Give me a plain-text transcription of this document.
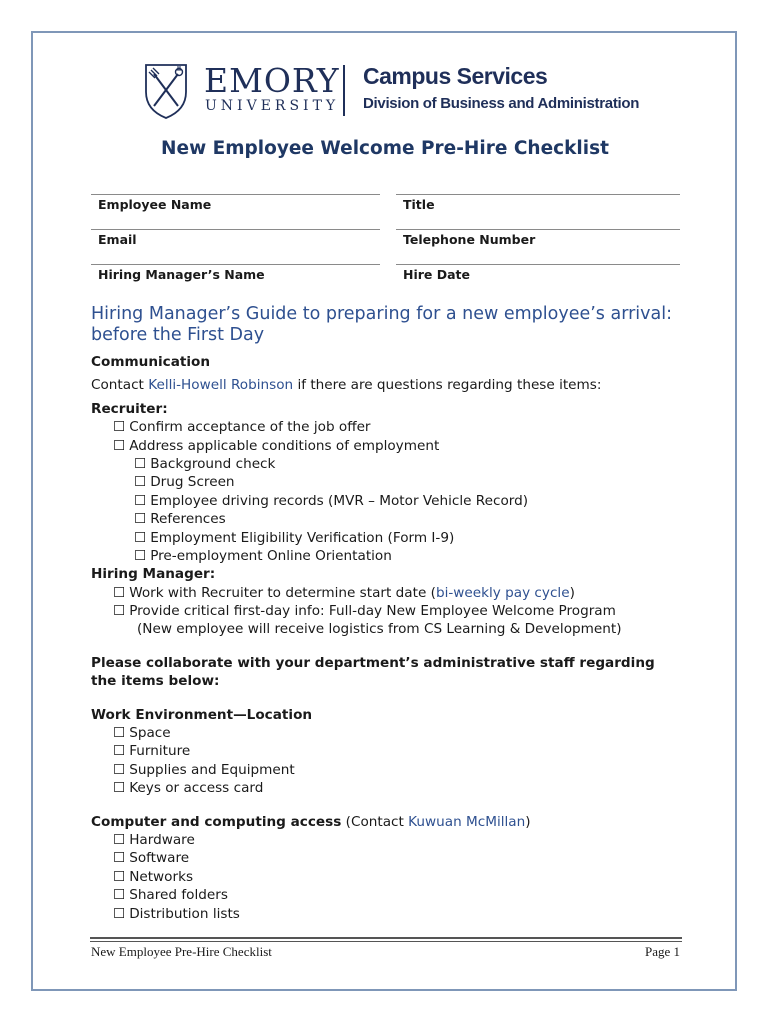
EMORY
UNIVERSITY
Campus Services
Division of Business and Administration
New Employee Welcome Pre-Hire Checklist
Employee Name	Title
Email	Telephone Number
Hiring Manager’s Name	Hire Date
Hiring Manager’s Guide to preparing for a new employee’s arrival: before the First Day
Communication
Contact Kelli-Howell Robinson if there are questions regarding these items:
Recruiter:
☐ Confirm acceptance of the job offer
☐ Address applicable conditions of employment
☐ Background check
☐ Drug Screen
☐ Employee driving records (MVR – Motor Vehicle Record)
☐ References
☐ Employment Eligibility Verification (Form I-9)
☐ Pre-employment Online Orientation
Hiring Manager:
☐ Work with Recruiter to determine start date (bi-weekly pay cycle)
☐ Provide critical first-day info: Full-day New Employee Welcome Program
(New employee will receive logistics from CS Learning & Development)
Please collaborate with your department’s administrative staff regarding
the items below:
Work Environment—Location
☐ Space
☐ Furniture
☐ Supplies and Equipment
☐ Keys or access card
Computer and computing access (Contact Kuwuan McMillan)
☐ Hardware
☐ Software
☐ Networks
☐ Shared folders
☐ Distribution lists
New Employee Pre-Hire Checklist	Page 1
